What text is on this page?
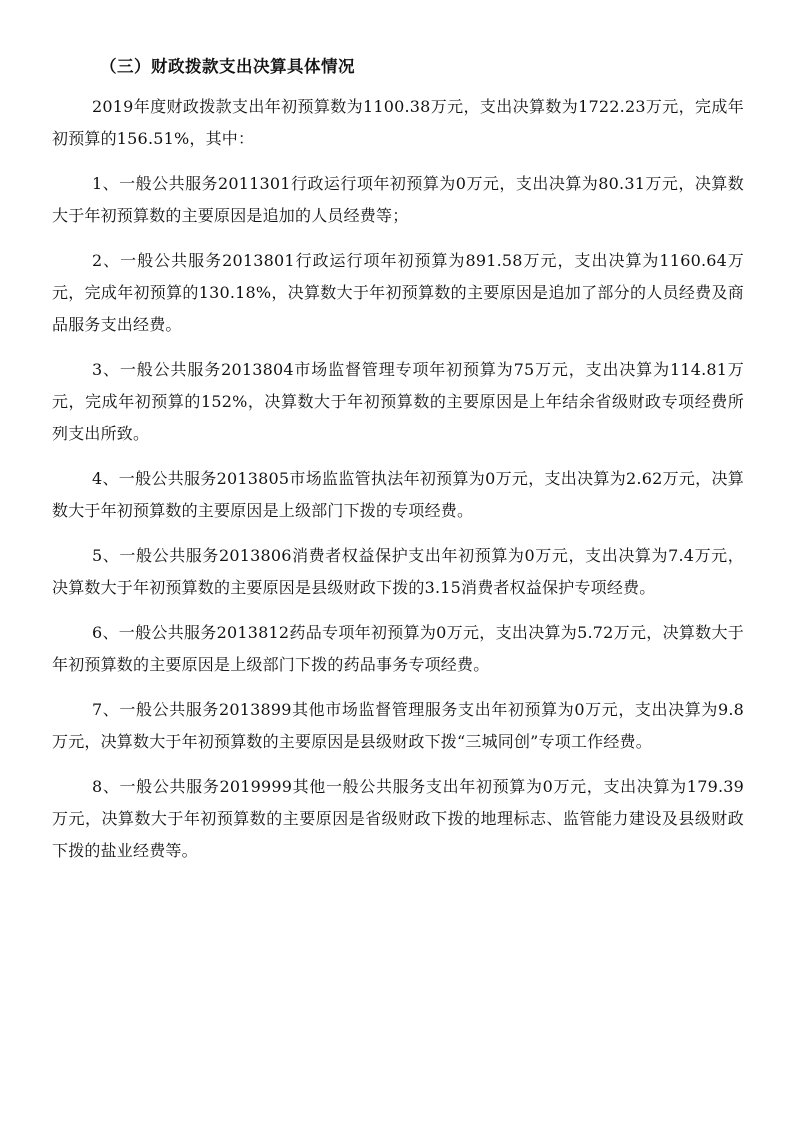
（三）财政拨款支出决算具体情况

2019年度财政拨款支出年初预算数为1100.38万元，支出决算数为1722.23万元，完成年初预算的156.51%，其中：

1、一般公共服务2011301行政运行项年初预算为0万元，支出决算为80.31万元，决算数大于年初预算数的主要原因是追加的人员经费等；

2、一般公共服务2013801行政运行项年初预算为891.58万元，支出决算为1160.64万元，完成年初预算的130.18%，决算数大于年初预算数的主要原因是追加了部分的人员经费及商品服务支出经费。

3、一般公共服务2013804市场监督管理专项年初预算为75万元，支出决算为114.81万元，完成年初预算的152%，决算数大于年初预算数的主要原因是上年结余省级财政专项经费所列支出所致。

4、一般公共服务2013805市场监监管执法年初预算为0万元，支出决算为2.62万元，决算数大于年初预算数的主要原因是上级部门下拨的专项经费。

5、一般公共服务2013806消费者权益保护支出年初预算为0万元，支出决算为7.4万元，决算数大于年初预算数的主要原因是县级财政下拨的3.15消费者权益保护专项经费。

6、一般公共服务2013812药品专项年初预算为0万元，支出决算为5.72万元，决算数大于年初预算数的主要原因是上级部门下拨的药品事务专项经费。

7、一般公共服务2013899其他市场监督管理服务支出年初预算为0万元，支出决算为9.8万元，决算数大于年初预算数的主要原因是县级财政下拨“三城同创”专项工作经费。

8、一般公共服务2019999其他一般公共服务支出年初预算为0万元，支出决算为179.39万元，决算数大于年初预算数的主要原因是省级财政下拨的地理标志、监管能力建设及县级财政下拨的盐业经费等。
